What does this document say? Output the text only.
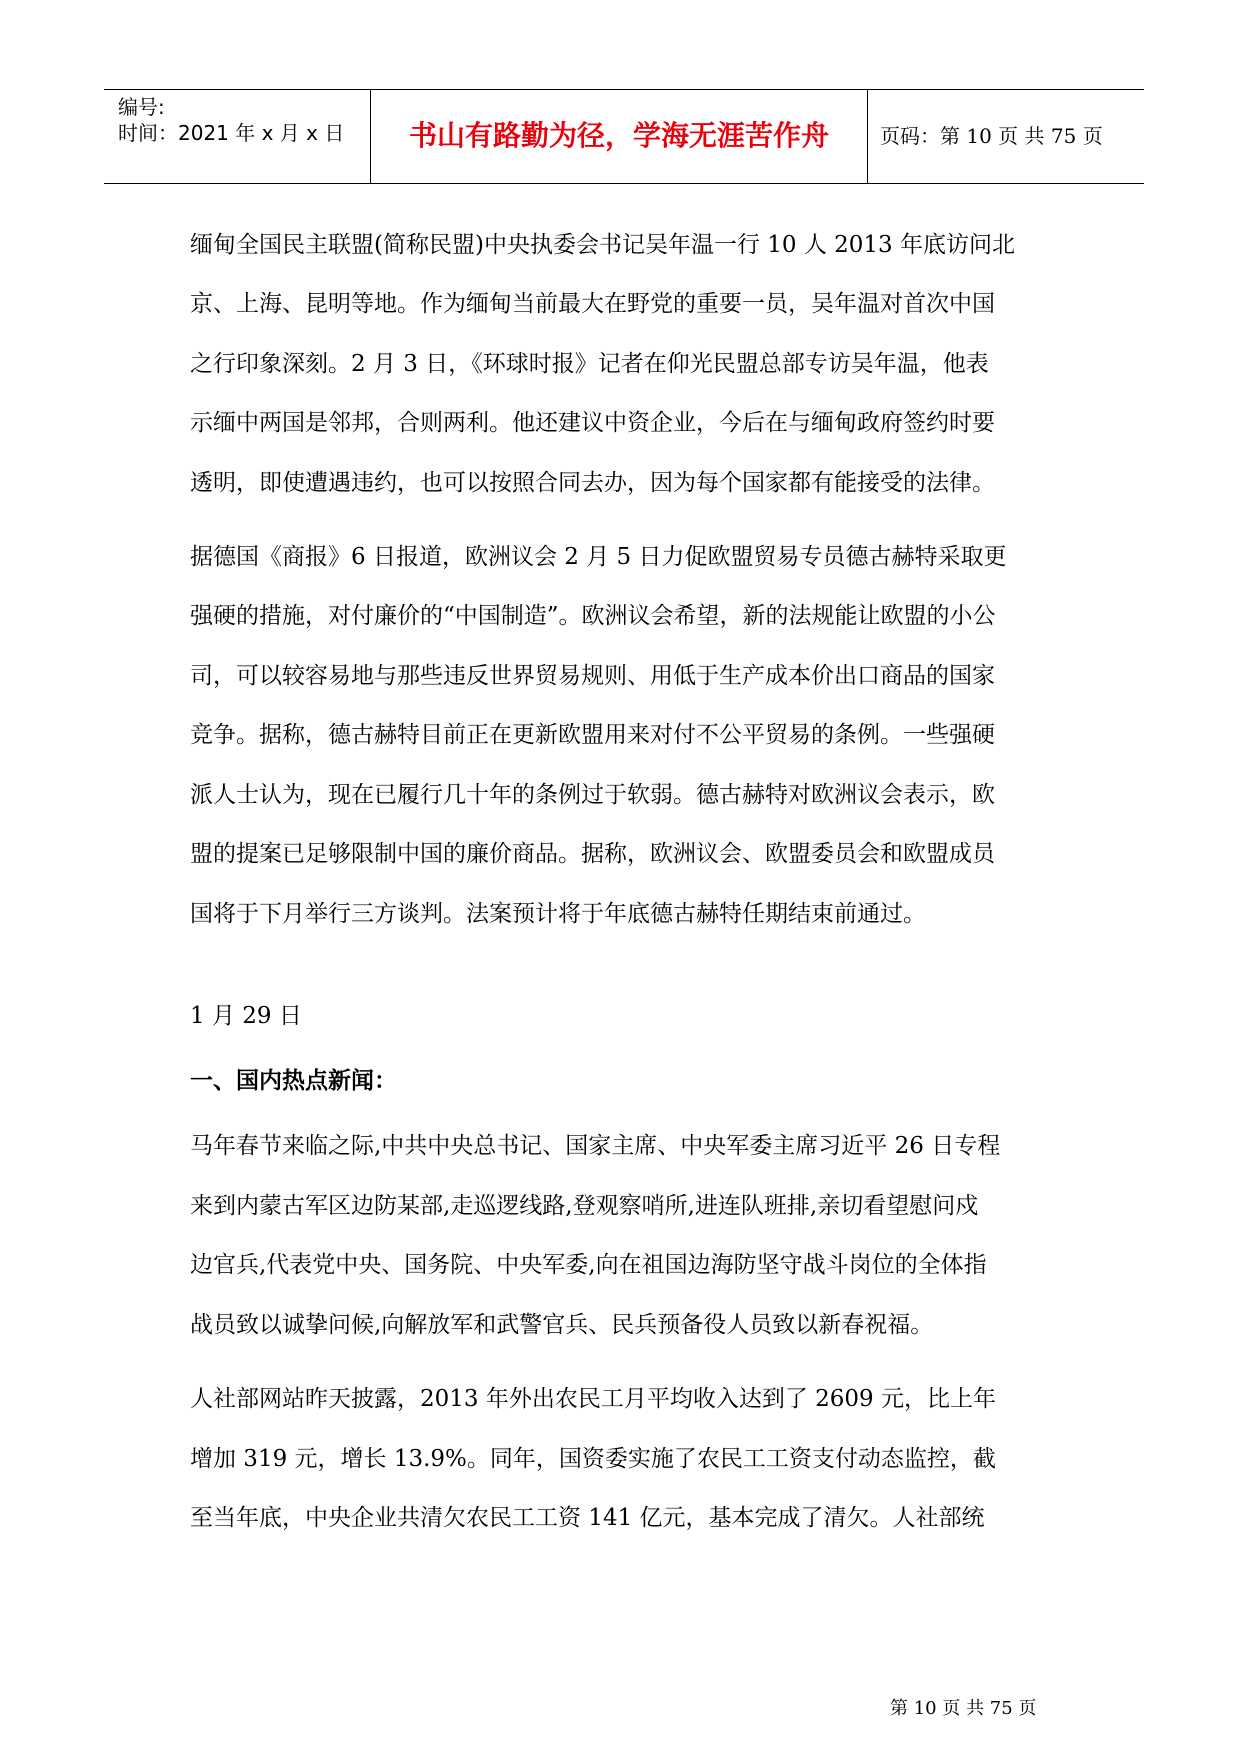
编号:
时间：2021 年 x 月 x 日	书山有路勤为径，学海无涯苦作舟	页码：第 10 页 共 75 页
缅甸全国民主联盟(简称民盟)中央执委会书记吴年温一行 10 人 2013 年底访问北
京、上海、昆明等地。作为缅甸当前最大在野党的重要一员，吴年温对首次中国
之行印象深刻。2 月 3 日，《环球时报》记者在仰光民盟总部专访吴年温，他表
示缅中两国是邻邦，合则两利。他还建议中资企业，今后在与缅甸政府签约时要
透明，即使遭遇违约，也可以按照合同去办，因为每个国家都有能接受的法律。
据德国《商报》6 日报道，欧洲议会 2 月 5 日力促欧盟贸易专员德古赫特采取更
强硬的措施，对付廉价的“中国制造”。欧洲议会希望，新的法规能让欧盟的小公
司，可以较容易地与那些违反世界贸易规则、用低于生产成本价出口商品的国家
竞争。据称，德古赫特目前正在更新欧盟用来对付不公平贸易的条例。一些强硬
派人士认为，现在已履行几十年的条例过于软弱。德古赫特对欧洲议会表示，欧
盟的提案已足够限制中国的廉价商品。据称，欧洲议会、欧盟委员会和欧盟成员
国将于下月举行三方谈判。法案预计将于年底德古赫特任期结束前通过。
1 月 29 日
一、国内热点新闻：
马年春节来临之际,中共中央总书记、国家主席、中央军委主席习近平 26 日专程
来到内蒙古军区边防某部,走巡逻线路,登观察哨所,进连队班排,亲切看望慰问戍
边官兵,代表党中央、国务院、中央军委,向在祖国边海防坚守战斗岗位的全体指
战员致以诚挚问候,向解放军和武警官兵、民兵预备役人员致以新春祝福。
人社部网站昨天披露，2013 年外出农民工月平均收入达到了 2609 元，比上年
增加 319 元，增长 13.9%。同年，国资委实施了农民工工资支付动态监控，截
至当年底，中央企业共清欠农民工工资 141 亿元，基本完成了清欠。人社部统
第 10 页 共 75 页
